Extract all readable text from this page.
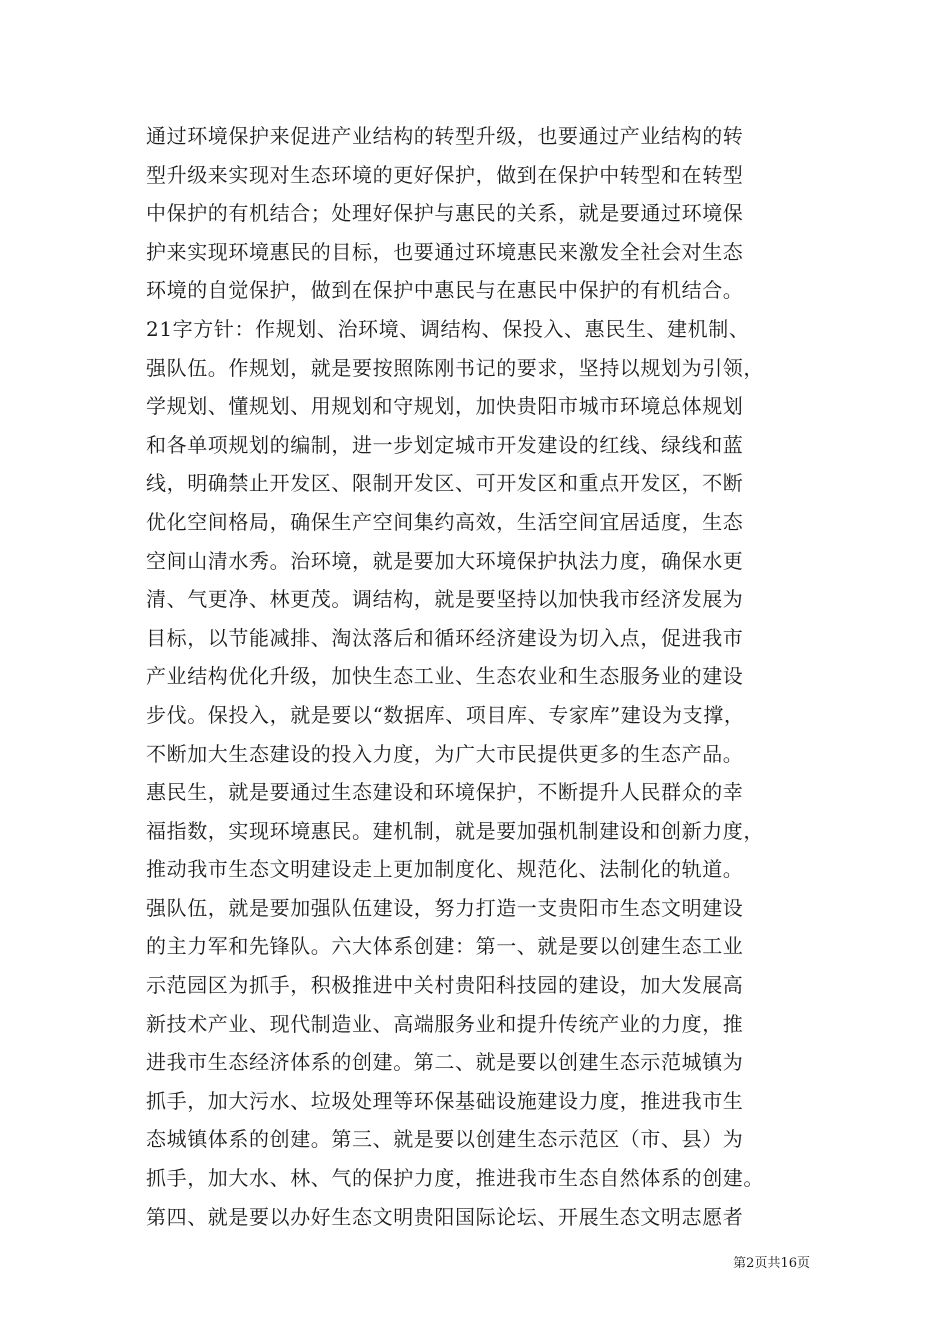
通过环境保护来促进产业结构的转型升级，也要通过产业结构的转
型升级来实现对生态环境的更好保护，做到在保护中转型和在转型
中保护的有机结合；处理好保护与惠民的关系，就是要通过环境保
护来实现环境惠民的目标，也要通过环境惠民来激发全社会对生态
环境的自觉保护，做到在保护中惠民与在惠民中保护的有机结合。
21字方针：作规划、治环境、调结构、保投入、惠民生、建机制、
强队伍。作规划，就是要按照陈刚书记的要求，坚持以规划为引领，
学规划、懂规划、用规划和守规划，加快贵阳市城市环境总体规划
和各单项规划的编制，进一步划定城市开发建设的红线、绿线和蓝
线，明确禁止开发区、限制开发区、可开发区和重点开发区，不断
优化空间格局，确保生产空间集约高效，生活空间宜居适度，生态
空间山清水秀。治环境，就是要加大环境保护执法力度，确保水更
清、气更净、林更茂。调结构，就是要坚持以加快我市经济发展为
目标，以节能减排、淘汰落后和循环经济建设为切入点，促进我市
产业结构优化升级，加快生态工业、生态农业和生态服务业的建设
步伐。保投入，就是要以“数据库、项目库、专家库”建设为支撑，
不断加大生态建设的投入力度，为广大市民提供更多的生态产品。
惠民生，就是要通过生态建设和环境保护，不断提升人民群众的幸
福指数，实现环境惠民。建机制，就是要加强机制建设和创新力度，
推动我市生态文明建设走上更加制度化、规范化、法制化的轨道。
强队伍，就是要加强队伍建设，努力打造一支贵阳市生态文明建设
的主力军和先锋队。六大体系创建：第一、就是要以创建生态工业
示范园区为抓手，积极推进中关村贵阳科技园的建设，加大发展高
新技术产业、现代制造业、高端服务业和提升传统产业的力度，推
进我市生态经济体系的创建。第二、就是要以创建生态示范城镇为
抓手，加大污水、垃圾处理等环保基础设施建设力度，推进我市生
态城镇体系的创建。第三、就是要以创建生态示范区（市、县）为
抓手，加大水、林、气的保护力度，推进我市生态自然体系的创建。
第四、就是要以办好生态文明贵阳国际论坛、开展生态文明志愿者
第2页共16页
